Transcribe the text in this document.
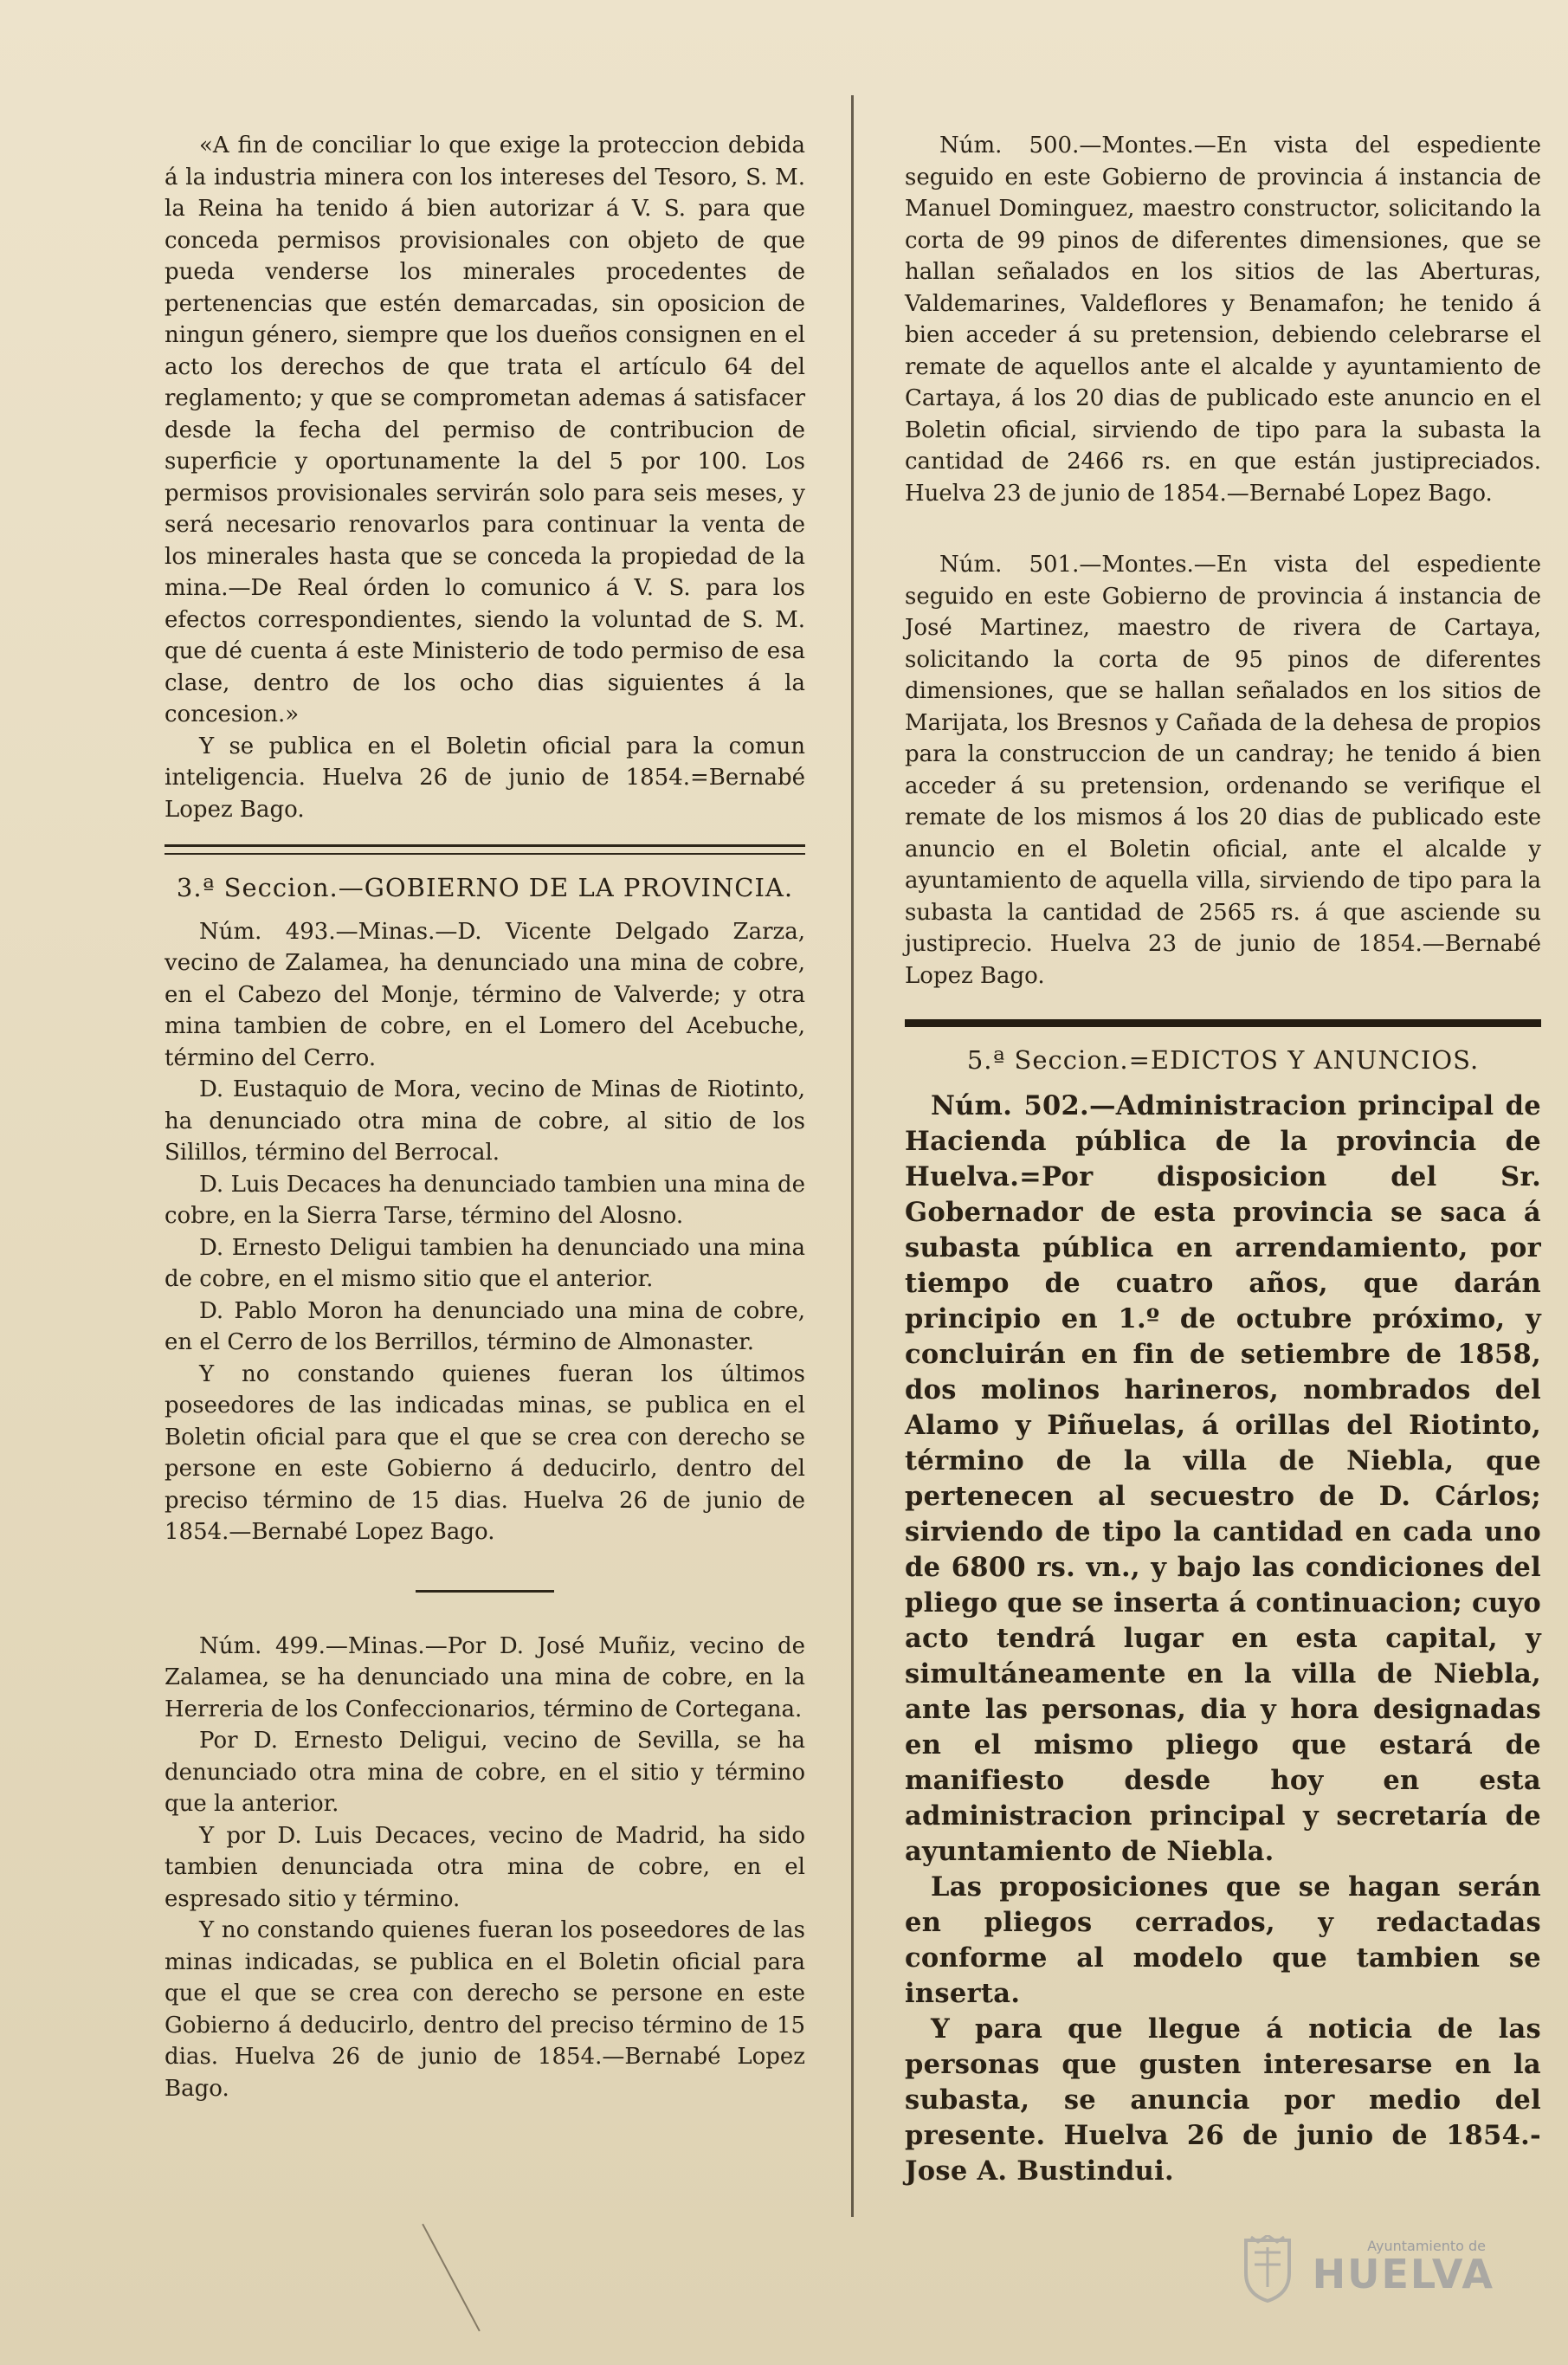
«A fin de conciliar lo que exige la proteccion debida á la industria minera con los intereses del Tesoro, S. M. la Reina ha tenido á bien autorizar á V. S. para que conceda permisos provisionales con objeto de que pueda venderse los minerales procedentes de pertenencias que estén demarcadas, sin oposicion de ningun género, siempre que los dueños consignen en el acto los derechos de que trata el artículo 64 del reglamento; y que se comprometan ademas á satisfacer desde la fecha del permiso de contribucion de superficie y oportunamente la del 5 por 100. Los permisos provisionales servirán solo para seis meses, y será necesario renovarlos para continuar la venta de los minerales hasta que se conceda la propiedad de la mina.—De Real órden lo comunico á V. S. para los efectos correspondientes, siendo la voluntad de S. M. que dé cuenta á este Ministerio de todo permiso de esa clase, dentro de los ocho dias siguientes á la concesion.»

Y se publica en el Boletin oficial para la comun inteligencia. Huelva 26 de junio de 1854.=Bernabé Lopez Bago.

3.ª Seccion.—GOBIERNO DE LA PROVINCIA.

Núm. 493.—Minas.—D. Vicente Delgado Zarza, vecino de Zalamea, ha denunciado una mina de cobre, en el Cabezo del Monje, término de Valverde; y otra mina tambien de cobre, en el Lomero del Acebuche, término del Cerro.

D. Eustaquio de Mora, vecino de Minas de Riotinto, ha denunciado otra mina de cobre, al sitio de los Silillos, término del Berrocal.

D. Luis Decaces ha denunciado tambien una mina de cobre, en la Sierra Tarse, término del Alosno.

D. Ernesto Deligui tambien ha denunciado una mina de cobre, en el mismo sitio que el anterior.

D. Pablo Moron ha denunciado una mina de cobre, en el Cerro de los Berrillos, término de Almonaster.

Y no constando quienes fueran los últimos poseedores de las indicadas minas, se publica en el Boletin oficial para que el que se crea con derecho se persone en este Gobierno á deducirlo, dentro del preciso término de 15 dias. Huelva 26 de junio de 1854.—Bernabé Lopez Bago.

Núm. 499.—Minas.—Por D. José Muñiz, vecino de Zalamea, se ha denunciado una mina de cobre, en la Herreria de los Confeccionarios, término de Cortegana.

Por D. Ernesto Deligui, vecino de Sevilla, se ha denunciado otra mina de cobre, en el sitio y término que la anterior.

Y por D. Luis Decaces, vecino de Madrid, ha sido tambien denunciada otra mina de cobre, en el espresado sitio y término.

Y no constando quienes fueran los poseedores de las minas indicadas, se publica en el Boletin oficial para que el que se crea con derecho se persone en este Gobierno á deducirlo, dentro del preciso término de 15 dias. Huelva 26 de junio de 1854.—Bernabé Lopez Bago.

Núm. 500.—Montes.—En vista del espediente seguido en este Gobierno de provincia á instancia de Manuel Dominguez, maestro constructor, solicitando la corta de 99 pinos de diferentes dimensiones, que se hallan señalados en los sitios de las Aberturas, Valdemarines, Valdeflores y Benamafon; he tenido á bien acceder á su pretension, debiendo celebrarse el remate de aquellos ante el alcalde y ayuntamiento de Cartaya, á los 20 dias de publicado este anuncio en el Boletin oficial, sirviendo de tipo para la subasta la cantidad de 2466 rs. en que están justipreciados. Huelva 23 de junio de 1854.—Bernabé Lopez Bago.

Núm. 501.—Montes.—En vista del espediente seguido en este Gobierno de provincia á instancia de José Martinez, maestro de rivera de Cartaya, solicitando la corta de 95 pinos de diferentes dimensiones, que se hallan señalados en los sitios de Marijata, los Bresnos y Cañada de la dehesa de propios para la construccion de un candray; he tenido á bien acceder á su pretension, ordenando se verifique el remate de los mismos á los 20 dias de publicado este anuncio en el Boletin oficial, ante el alcalde y ayuntamiento de aquella villa, sirviendo de tipo para la subasta la cantidad de 2565 rs. á que asciende su justiprecio. Huelva 23 de junio de 1854.—Bernabé Lopez Bago.

5.ª Seccion.=EDICTOS Y ANUNCIOS.

Núm. 502.—Administracion principal de Hacienda pública de la provincia de Huelva.=Por disposicion del Sr. Gobernador de esta provincia se saca á subasta pública en arrendamiento, por tiempo de cuatro años, que darán principio en 1.º de octubre próximo, y concluirán en fin de setiembre de 1858, dos molinos harineros, nombrados del Alamo y Piñuelas, á orillas del Riotinto, término de la villa de Niebla, que pertenecen al secuestro de D. Cárlos; sirviendo de tipo la cantidad en cada uno de 6800 rs. vn., y bajo las condiciones del pliego que se inserta á continuacion; cuyo acto tendrá lugar en esta capital, y simultáneamente en la villa de Niebla, ante las personas, dia y hora designadas en el mismo pliego que estará de manifiesto desde hoy en esta administracion principal y secretaría de ayuntamiento de Niebla.

Las proposiciones que se hagan serán en pliegos cerrados, y redactadas conforme al modelo que tambien se inserta.

Y para que llegue á noticia de las personas que gusten interesarse en la subasta, se anuncia por medio del presente. Huelva 26 de junio de 1854.-Jose A. Bustindui.

Ayuntamiento de
HUELVA
